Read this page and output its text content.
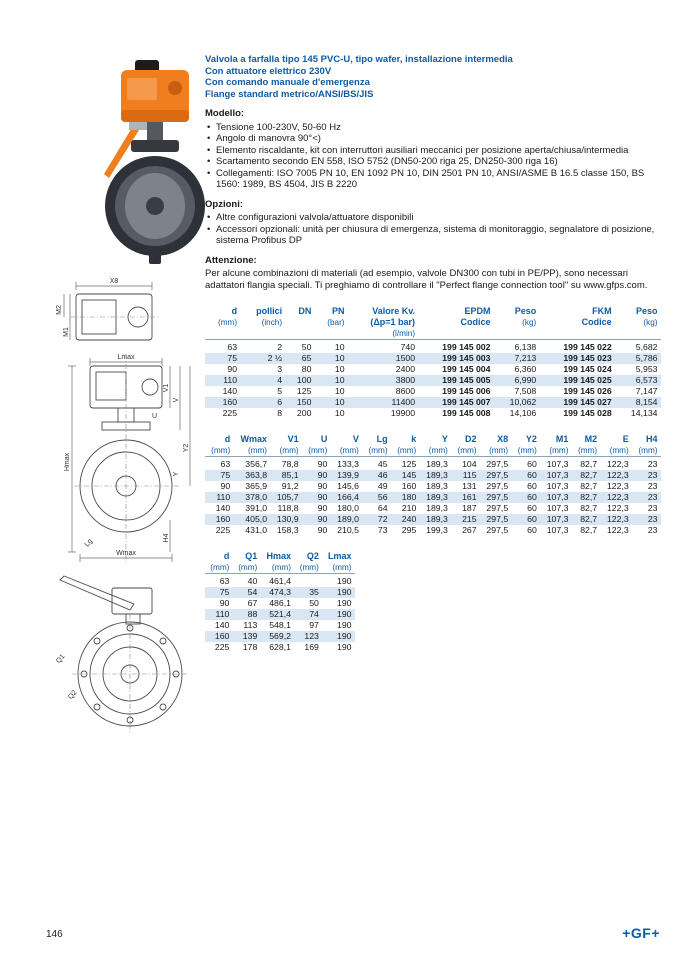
X8
M2
M1
Lmax
Hmax
V1
V
U
Y2
Y
H4
Lg
Wmax
Q1
Q2
Valvola a farfalla tipo 145 PVC-U, tipo wafer, installazione intermedia
Con attuatore elettrico 230V
Con comando manuale d'emergenza
Flange standard metrico/ANSI/BS/JIS
Modello:
• Tensione 100-230V, 50-60 Hz
• Angolo di manovra 90°<)
• Elemento riscaldante, kit con interruttori ausiliari meccanici per posizione aperta/chiusa/intermedia
• Scartamento secondo EN 558, ISO 5752 (DN50-200 riga 25, DN250-300 riga 16)
• Collegamenti: ISO 7005 PN 10, EN 1092 PN 10, DIN 2501 PN 10, ANSI/ASME B 16.5 classe 150, BS 1560: 1989, BS 4504, JIS B 2220
Opzioni:
• Altre configurazioni valvola/attuatore disponibili
• Accessori opzionali: unità per chiusura di emergenza, sistema di monitoraggio, segnalatore di posizione, sistema Profibus DP
Attenzione:
Per alcune combinazioni di materiali (ad esempio, valvole DN300 con tubi in PE/PP), sono necessari adattatori flangia speciali. Ti preghiamo di controllare il "Perfect flange connection tool" su www.gfps.com.
d	pollici	DN	PN	Valore Kv.	EPDM	Peso	FKM	Peso
(mm)	(inch)		(bar)	(Δp=1 bar)	Codice	(kg)	Codice	(kg)
				(l/min)				
63	2	50	10	740	199 145 002	6,138	199 145 022	5,682
75	2 ½	65	10	1500	199 145 003	7,213	199 145 023	5,786
90	3	80	10	2400	199 145 004	6,360	199 145 024	5,953
110	4	100	10	3800	199 145 005	6,990	199 145 025	6,573
140	5	125	10	8600	199 145 006	7,508	199 145 026	7,147
160	6	150	10	11400	199 145 007	10,062	199 145 027	8,154
225	8	200	10	19900	199 145 008	14,106	199 145 028	14,134
d	Wmax	V1	U	V	Lg	k	Y	D2	X8	Y2	M1	M2	E	H4
(mm)	(mm)	(mm)	(mm)	(mm)	(mm)	(mm)	(mm)	(mm)	(mm)	(mm)	(mm)	(mm)	(mm)	(mm)
63	356,7	78,8	90	133,3	45	125	189,3	104	297,5	60	107,3	82,7	122,3	23
75	363,8	85,1	90	139,9	46	145	189,3	115	297,5	60	107,3	82,7	122,3	23
90	365,9	91,2	90	145,6	49	160	189,3	131	297,5	60	107,3	82,7	122,3	23
110	378,0	105,7	90	166,4	56	180	189,3	161	297,5	60	107,3	82,7	122,3	23
140	391,0	118,8	90	180,0	64	210	189,3	187	297,5	60	107,3	82,7	122,3	23
160	405,0	130,9	90	189,0	72	240	189,3	215	297,5	60	107,3	82,7	122,3	23
225	431,0	158,3	90	210,5	73	295	199,3	267	297,5	60	107,3	82,7	122,3	23
d	Q1	Hmax	Q2	Lmax
(mm)	(mm)	(mm)	(mm)	(mm)
63	40	461,4		190
75	54	474,3	35	190
90	67	486,1	50	190
110	88	521,4	74	190
140	113	548,1	97	190
160	139	569,2	123	190
225	178	628,1	169	190
146	+GF+
